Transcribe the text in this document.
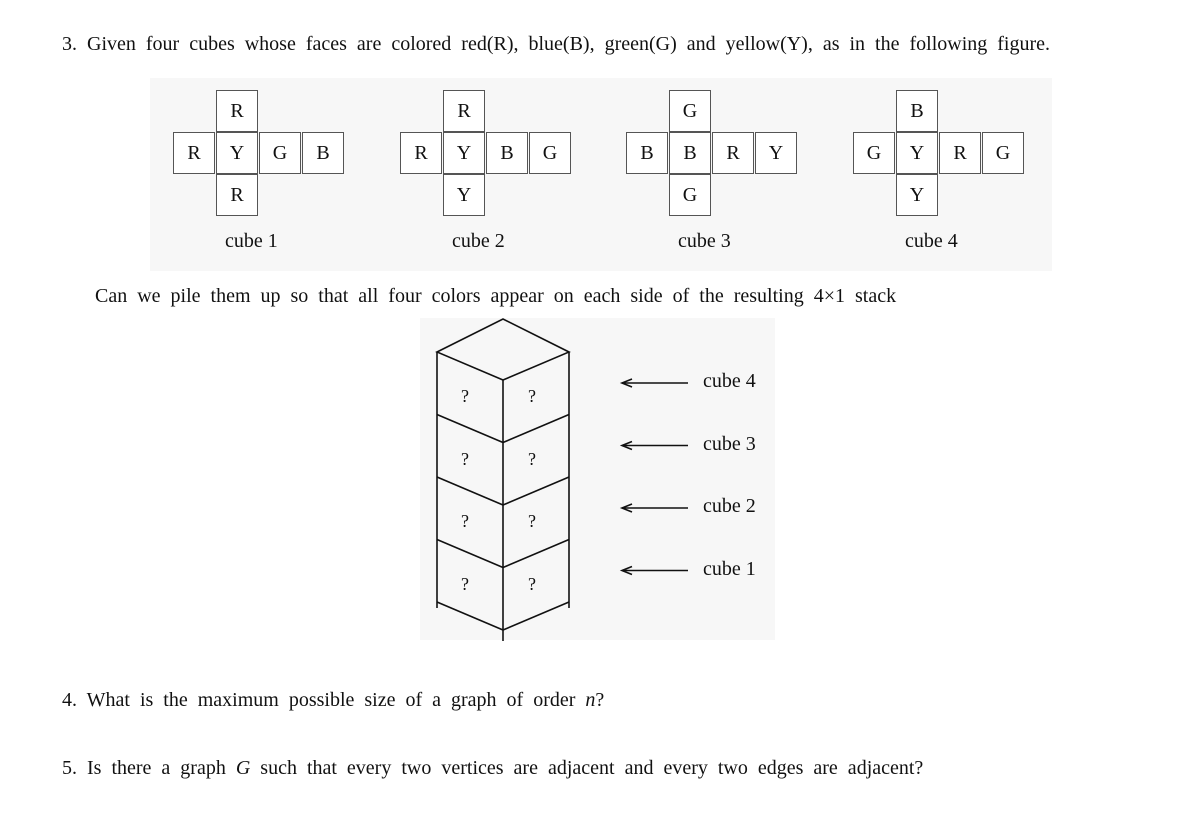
3. Given four cubes whose faces are colored red(R), blue(B), green(G) and yellow(Y), as in the following figure.
R
R	Y	G	B
R
cube 1
R
R	Y	B	G
Y
cube 2
G
B	B	R	Y
G
cube 3
B
G	Y	R	G
Y
cube 4
Can we pile them up so that all four colors appear on each side of the resulting 4×1 stack
?	?
cube 4
?	?
cube 3
?	?
cube 2
?	?
cube 1
4. What is the maximum possible size of a graph of order n?
5. Is there a graph G such that every two vertices are adjacent and every two edges are adjacent?
